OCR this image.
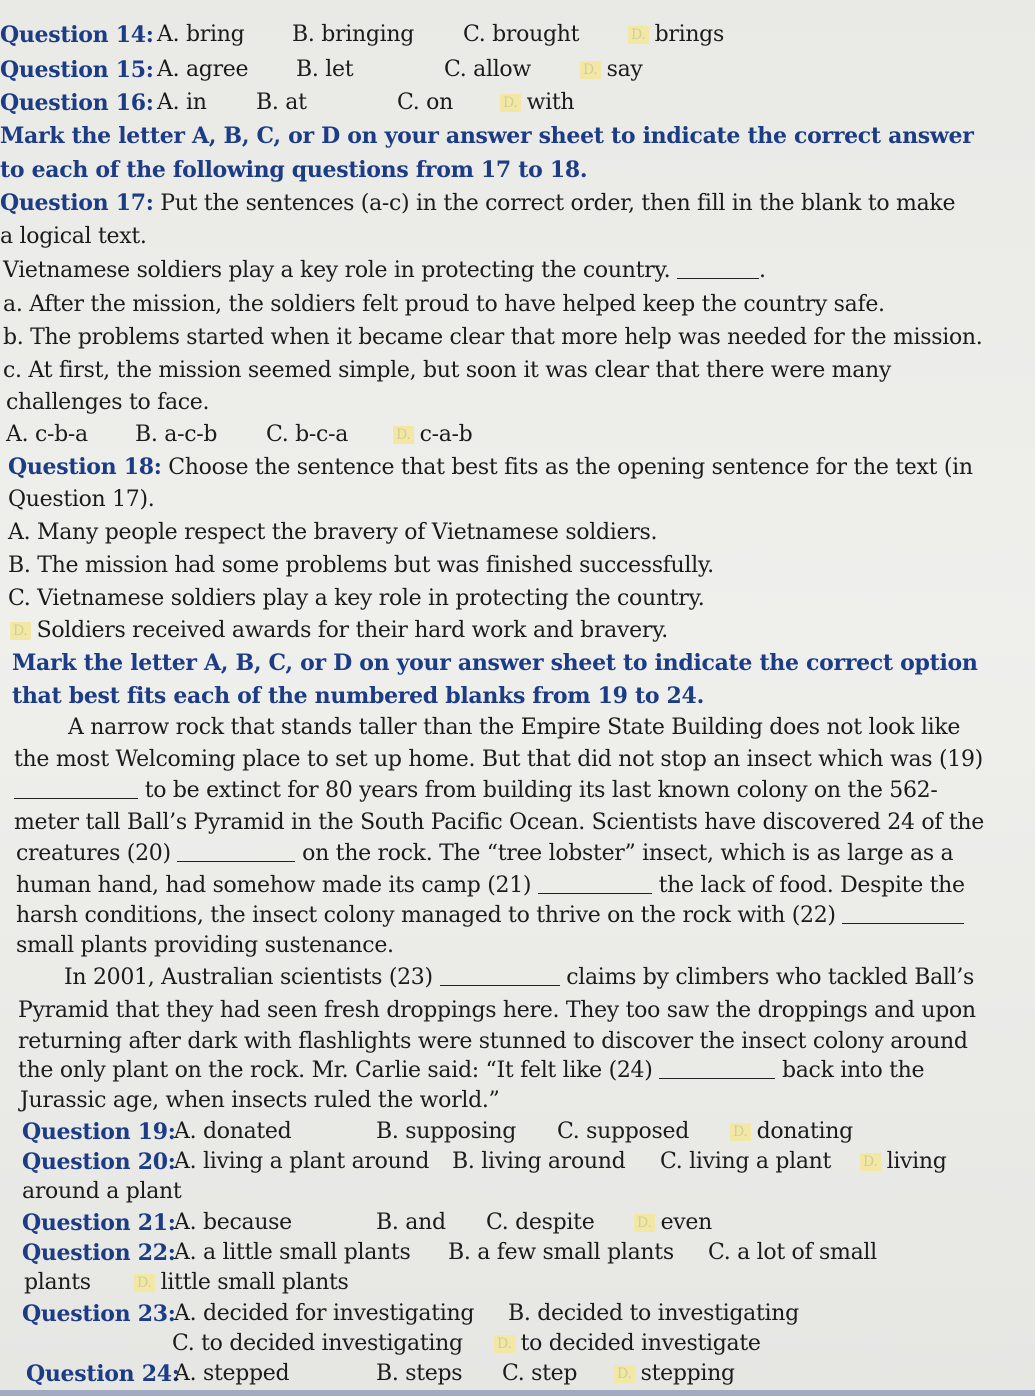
Question 14: A. bring B. bringing C. brought	D. brings
Question 15: A. agree B. let	C. allow	D. say
Question 16: A. in B. at	C. on	D. with
Mark the letter A, B, C, or D on your answer sheet to indicate the correct answer
to each of the following questions from 17 to 18.
Question 17: Put the sentences (a-c) in the correct order, then fill in the blank to make
a logical text.
Vietnamese soldiers play a key role in protecting the country.	.
a. After the mission, the soldiers felt proud to have helped keep the country safe.
b. The problems started when it became clear that more help was needed for the mission.
c. At first, the mission seemed simple, but soon it was clear that there were many
challenges to face.
A. c-b-a B. a-c-b C. b-c-a	D. c-a-b
Question 18: Choose the sentence that best fits as the opening sentence for the text (in
Question 17).
A. Many people respect the bravery of Vietnamese soldiers.
B. The mission had some problems but was finished successfully.
C. Vietnamese soldiers play a key role in protecting the country.
D. Soldiers received awards for their hard work and bravery.
Mark the letter A, B, C, or D on your answer sheet to indicate the correct option
that best fits each of the numbered blanks from 19 to 24.
A narrow rock that stands taller than the Empire State Building does not look like
the most Welcoming place to set up home. But that did not stop an insect which was (19)
to be extinct for 80 years from building its last known colony on the 562-
meter tall Ball’s Pyramid in the South Pacific Ocean. Scientists have discovered 24 of the
creatures (20)	on the rock. The “tree lobster” insect, which is as large as a
human hand, had somehow made its camp (21)	the lack of food. Despite the
harsh conditions, the insect colony managed to thrive on the rock with (22)
small plants providing sustenance.
In 2001, Australian scientists (23)	claims by climbers who tackled Ball’s
Pyramid that they had seen fresh droppings here. They too saw the droppings and upon
returning after dark with flashlights were stunned to discover the insect colony around
the only plant on the rock. Mr. Carlie said: “It felt like (24)	back into the
Jurassic age, when insects ruled the world.”
Question 19:
A. donated	B. supposing C. supposed	D. donating
Question 20:
A. living a plant around B. living around C. living a plant D. living
around a plant
Question 21:
A. because	B. and C. despite	D. even
Question 22:
A. a little small plants B. a few small plants C. a lot of small
plants	D. little small plants
Question 23:
A. decided for investigating B. decided to investigating
C. to decided investigating D. to decided investigate
Question 24:
A. stepped	B. steps C. step	D. stepping
